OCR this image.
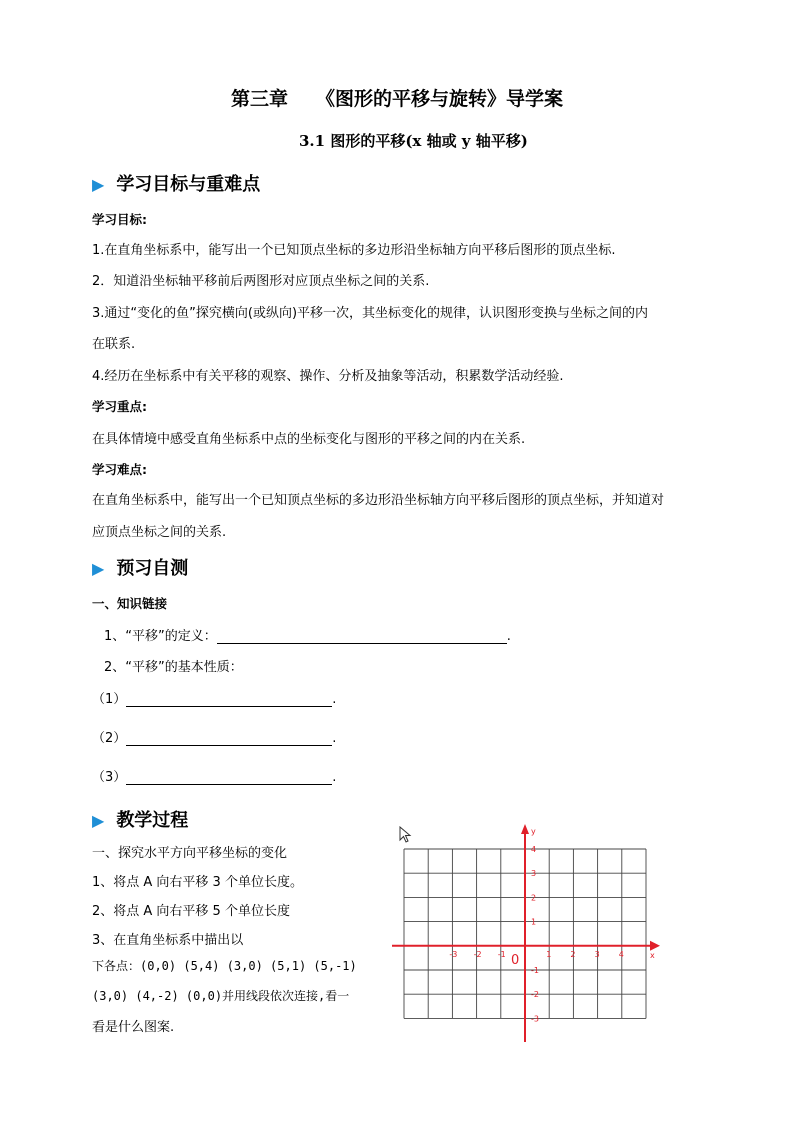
第三章 《图形的平移与旋转》导学案
3.1 图形的平移(x 轴或 y 轴平移)
▶ 学习目标与重难点
学习目标:
1.在直角坐标系中，能写出一个已知顶点坐标的多边形沿坐标轴方向平移后图形的顶点坐标.
2．知道沿坐标轴平移前后两图形对应顶点坐标之间的关系.
3.通过“变化的鱼”探究横向(或纵向)平移一次，其坐标变化的规律，认识图形变换与坐标之间的内
在联系.
4.经历在坐标系中有关平移的观察、操作、分析及抽象等活动，积累数学活动经验.
学习重点:
在具体情境中感受直角坐标系中点的坐标变化与图形的平移之间的内在关系.
学习难点:
在直角坐标系中，能写出一个已知顶点坐标的多边形沿坐标轴方向平移后图形的顶点坐标，并知道对
应顶点坐标之间的关系.
▶ 预习自测
一、知识链接
1、“平移”的定义：	.
2、“平移”的基本性质：
（1）	.
（2）	.
（3）	.
▶ 教学过程
一、探究水平方向平移坐标的变化
1、将点 A 向右平移 3 个单位长度。
2、将点 A 向右平移 5 个单位长度
3、在直角坐标系中描出以
下各点：(0,0) (5,4) (3,0) (5,1) (5,-1)
(3,0) (4,-2) (0,0)并用线段依次连接,看一
看是什么图案.
y
x
0
-3 -2 -1	1 2 3 4
4
3
2
1
-1
-2
-3
